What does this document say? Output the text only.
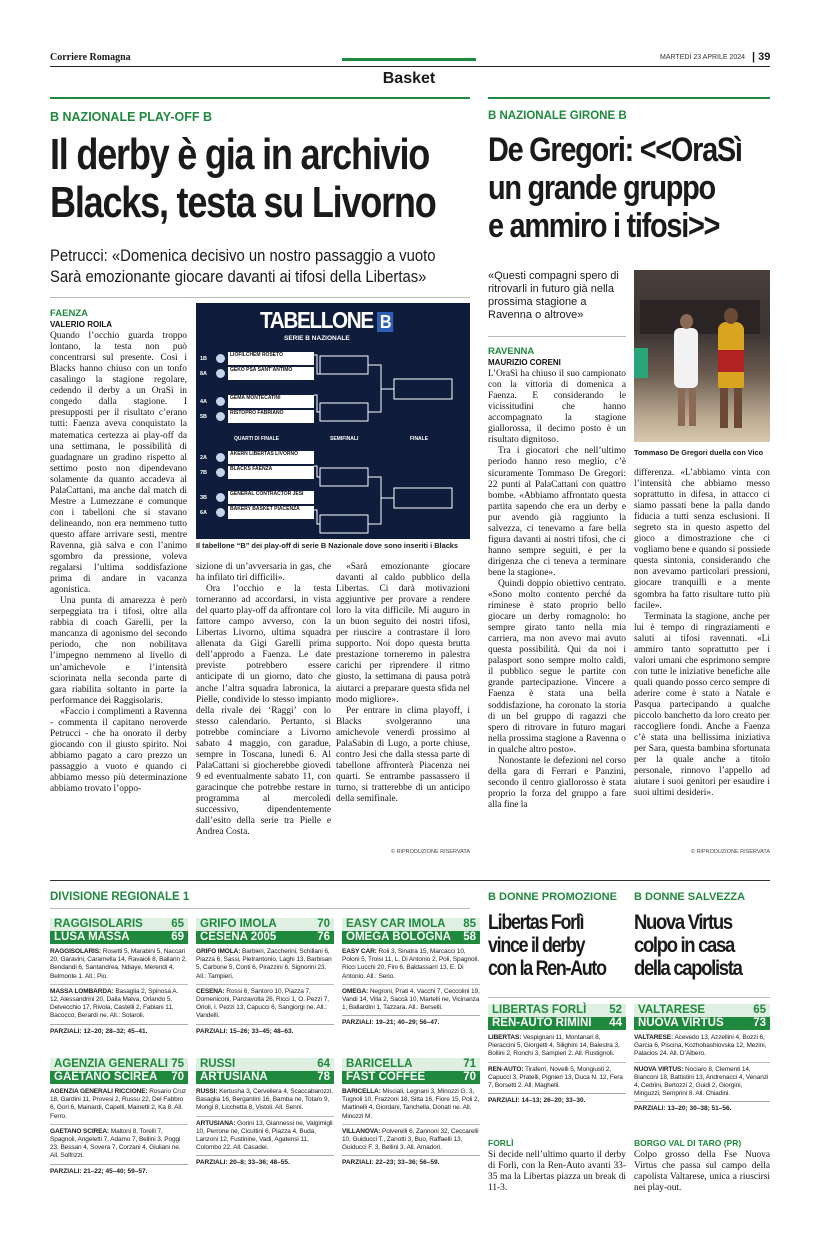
Corriere Romagna	MARTEDÌ 23 APRILE 2024 | 39
Basket
B NAZIONALE PLAY-OFF B
Il derby è gia in archivio
Blacks, testa su Livorno
Petrucci: «Domenica decisivo un nostro passaggio a vuoto
Sarà emozionante giocare davanti ai tifosi della Libertas»
FAENZA
VALERIO ROILA

Quando l’occhio guarda troppo lontano, la testa non può concentrarsi sul presente. Così i Blacks hanno chiuso con un tonfo casalingo la stagione regolare, cedendo il derby a un OraSì in congedo dalla stagione. I presupposti per il risultato c’erano tutti: Faenza aveva conquistato la matematica certezza ai play-off da una settimana, le possibilità di guadagnare un gradino rispetto al settimo posto non dipendevano solamente da quanto accadeva al PalaCattani, ma anche dal match di Mestre a Lumezzane e comunque con i tabelloni che si stavano delineando, non era nemmeno tutto questo affare arrivare sesti, mentre Ravenna, già salva e con l’animo sgombro da pressione, voleva regalarsi l’ultima soddisfazione prima di andare in vacanza agonistica.

Una punta di amarezza è però serpeggiata tra i tifosi, oltre alla rabbia di coach Garelli, per la mancanza di agonismo del secondo periodo, che non nobilitava l’impegno nemmeno al livello di un’amichevole e l’intensità sciorinata nella seconda parte di gara riabilita soltanto in parte la performance dei Raggisolaris.

«Faccio i complimenti a Ravenna - commenta il capitano neroverde Petrucci - che ha onorato il derby giocando con il giusto spirito. Noi abbiamo pagato a caro prezzo un passaggio a vuoto e quando ci abbiamo messo più determinazione abbiamo trovato l’oppo-

TABELLONE B
SERIE B NAZIONALE
QUARTI DI FINALE	SEMIFINALI	FINALE
1B
LIOFILCHEM ROSETO
8A
GEKO PSA SANT’ANTIMO
4A
GEMA MONTECATINI
5B
RISTOPRO FABRIANO
2A
AKERN LIBERTAS LIVORNO
7B
BLACKS FAENZA
3B
GENERAL CONTRACTOR JESI
6A
BAKERY BASKET PIACENZA
Il tabellone “B” dei play-off di serie B Nazionale dove sono inseriti i Blacks

sizione di un’avversaria in gas, che ha infilato tiri difficili».

Ora l’occhio e la testa torneranno ad accordarsi, in vista del quarto play-off da affrontare col fattore campo avverso, con la Libertas Livorno, ultima squadra allenata da Gigi Garelli prima dell’approdo a Faenza. Le date previste potrebbero essere anticipate di un giorno, dato che anche l’altra squadra labronica, la Pielle, condivide lo stesso impianto della rivale dei ‘Raggi’ con lo stesso calendario. Pertanto, si potrebbe cominciare a Livorno sabato 4 maggio, con garadue, sempre in Toscana, lunedì 6. Al PalaCattani si giocherebbe giovedì 9 ed eventualmente sabato 11, con garacinque che potrebbe restare in programma al mercoledì successivo, dipendentemente dall’esito della serie tra Pielle e Andrea Costa.

«Sarà emozionante giocare davanti al caldo pubblico della Libertas. Ci darà motivazioni aggiuntive per provare a rendere loro la vita difficile. Mi auguro in un buon seguito dei nostri tifosi, per riuscire a contrastare il loro supporto. Noi dopo questa brutta prestazione torneremo in palestra carichi per riprendere il ritmo giusto, la settimana di pausa potrà aiutarci a preparare questa sfida nel modo migliore».

Per entrare in clima playoff, i Blacks svolgeranno una amichevole venerdì prossimo al PalaSabin di Lugo, a porte chiuse, contro Jesi che dalla stessa parte di tabellone affronterà Piacenza nei quarti. Se entrambe passassero il turno, si tratterebbe di un anticipo della semifinale.

© RIPRODUZIONE RISERVATA
B NAZIONALE GIRONE B
De Gregori: <<OraSì
un grande gruppo
e ammiro i tifosi>>
«Questi compagni spero di ritrovarli in futuro già nella prossima stagione a Ravenna o altrove»
Tommaso De Gregori duella con Vico
RAVENNA
MAURIZIO CORENI

L’OraSì ha chiuso il suo campionato con la vittoria di domenica a Faenza. E considerando le vicissitudini che hanno accompagnato la stagione giallorossa, il decimo posto è un risultato dignitoso.

Tra i giocatori che nell’ultimo periodo hanno reso meglio, c’è sicuramente Tommaso De Gregori: 22 punti al PalaCattani con quattro bombe. «Abbiamo affrontato questa partita sapendo che era un derby e pur avendo già raggiunto la salvezza, ci tenevamo a fare bella figura davanti ai nostri tifosi, che ci hanno sempre seguiti, e per la dirigenza che ci teneva a terminare bene la stagione».

Quindi doppio obiettivo centrato. «Sono molto contento perché da riminese è stato proprio bello giocare un derby romagnolo: ho sempre girato tanto nella mia carriera, ma non avevo mai avuto questa possibilità. Qui da noi i palasport sono sempre molto caldi, il pubblico segue le partite con grande partecipazione. Vincere a Faenza è stata una bella soddisfazione, ha coronato la storia di un bel gruppo di ragazzi che spero di ritrovare in futuro magari nella prossima stagione a Ravenna o in qualche altro posto».

Nonostante le defezioni nel corso della gara di Ferrari e Panzini, secondo il centro giallorosso è stata proprio la forza del gruppo a fare alla fine la

differenza. «L’abbiamo vinta con l’intensità che abbiamo messo soprattutto in difesa, in attacco ci siamo passati bene la palla dando fiducia a tutti senza esclusioni. Il segreto sta in questo aspetto del gioco a dimostrazione che ci vogliamo bene e quando si possiede questa sintonia, considerando che non avevamo particolari pressioni, giocare tranquilli e a mente sgombra ha fatto risultare tutto più facile».

Terminata la stagione, anche per lui è tempo di ringraziamenti e saluti ai tifosi ravennati. «Li ammiro tanto soprattutto per i valori umani che esprimono sempre con tutte le iniziative benefiche alle quali quando posso cerco sempre di aderire come è stato a Natale e Pasqua partecipando a qualche piccolo banchetto da loro creato per raccogliere fondi. Anche a Faenza c’è stata una bellissima iniziativa per Sara, questa bambina sfortunata per la quale anche a titolo personale, rinnovo l’appello ad aiutare i suoi genitori per esaudire i suoi ultimi desideri».

© RIPRODUZIONE RISERVATA
DIVISIONE REGIONALE 1	B DONNE PROMOZIONE
Libertas Forlì
vince il derby
con la Ren-Auto
B DONNE SALVEZZA
Nuova Virtus
colpo in casa
della capolista
FORLÌ
Si decide nell’ultimo quarto il derby di Forlì, con la Ren-Auto avanti 33-35 ma la Libertas piazza un break di 11-3.
BORGO VAL DI TARO (PR)
Colpo grosso della Fse Nuova Virtus che passa sul campo della capolista Valtarese, unica a riuscirsi nei play-out.
RAGGISOLARIS 65
LUSA MASSA	69
RAGGISOLARIS: Rosetti 5, Marabini 5, Naccari 20, Garavini, Caramella 14, Ravaioli 8, Ballarin 2, Bendandi 6, Santandrea, Ndiaye, Merendi 4, Belmonte 1. All.: Pio.
MASSA LOMBARDA: Basaglia 2, Spinosa A. 12, Alessandrini 20, Dalla Malva, Orlando 5, Delvecchio 17, Rivola, Castelli 2, Fabiani 11, Bacocco, Berardi ne. All.: Solaroli.
PARZIALI: 12–20; 28–32; 45–41.
GRIFO IMOLA	70
CESENA 2005	76
GRIFO IMOLA: Barbieri, Zaccherini, Schillani 6, Piazza 6, Sassi, Pietrantonio, Laghi 13, Barbisan 5, Carbone 5, Conti 6, Pirazzini 6, Signorini 23. All.: Tampieri.
CESENA: Rossi 6, Santoro 10, Piazza 7, Domeniconi, Panzavolta 26, Ricci 1, O. Pezzi 7, Orioli, I. Pezzi 13, Capucci 6, Sangiorgi ne. All.: Vandelli.
PARZIALI: 15–26; 33–45; 48–63.
EASY CAR IMOLA 85
OMEGA BOLOGNA 58
EASY CAR: Roli 3, Sinatra 15, Marcacci 10, Poloni 5, Troisi 11, L. Di Antonio 2, Poli, Spagnoli, Ricci Lucchi 20, Fini 6, Baldassarri 13, E. Di Antonio. All.: Serio.
OMEGA: Negroni, Prati 4, Vacchi 7, Ceccolini 19, Vandi 14, Villa 2, Saccà 10, Martelli ne, Vicinanza 1, Ballardini 1, Tazzara. All.: Berselli.
PARZIALI: 19–21; 40–29; 56–47.
AGENZIA GENERALI 75
GAETANO SCIREA 70
AGENZIA GENERALI RICCIONE: Rosario Cruz 18, Gardini 11, Provesi 2, Russu 22, Del Fabbro 6, Gori 6, Mainardi, Capelli, Mainetti 2, Ka 8. All. Ferro.
GAETANO SCIREA: Maltoni 8, Torelli 7, Spagnoli, Angeletti 7, Adamo 7, Bellini 3, Poggi 23, Bessan 4, Sovera 7, Corzani 4, Giuliani ne. All. Solfrizzi.
PARZIALI: 21–22; 45–40; 59–57.
RUSSI	64
ARTUSIANA	78
RUSSI: Kertusha 3, Cervellera 4, Scaccabarozzi, Basaglia 16, Bergantini 16, Bamba ne, Totaro 9, Morigi 8, Licchetta 8, Vistoli. All. Senni.
ARTUSIANA: Gorini 13, Giannessi ne, Valgimigli 10, Perrone ne, Cicuttini 6, Piazza 4, Buda, Lanzoni 12, Fustinine, Vadi, Agatensi 11, Colombo 22. All. Casadei.
PARZIALI: 20–8; 33–36; 48–55.
BARICELLA	71
FAST COFFEE	70
BARICELLA: Misciali, Legnani 3, Minozzi G. 3, Tugnoli 10, Frazzoni 18, Sitta 16, Fiore 15, Poli 2, Martinelli 4, Giordani, Tanchella, Donati ne. All. Minozzi M.
VILLANOVA: Polverelli 6, Zannoni 32, Ceccarelli 10, Guiducci T., Zanotti 3, Buo, Raffaelli 13, Guiducci F. 3, Bellini 3. All. Amadori.
PARZIALI: 22–23; 33–36; 56–59.
LIBERTAS FORLÌ 52
REN-AUTO RIMINI 44
LIBERTAS: Vespignani 11, Montanari 8, Pieraccini 5, Giorgetti 4, Silighini 14, Balestra 3, Bollini 2, Ronchi 3, Sampieri 2. All. Rustignoli.
REN-AUTO: Tiraferri, Novelli 5, Mongiusti 2, Capucci 3, Pratelli, Pignieri 13, Duca N. 12, Fera 7, Borsetti 2. All. Maghelli.
PARZIALI: 14–13; 26–20; 33–30.
VALTARESE	65
NUOVA VIRTUS	73
VALTARESE: Acevedo 13, Azzellini 4, Bozzi 6, Garcia 6, Piscina, Kozhobashiovska 12, Mezini, Palacios 24. All. D’Albero.
NUOVA VIRTUS: Nociaro 8, Clementi 14, Bianconi 18, Battistini 13, Andrenacci 4, Venanzi 4, Cedrini, Bertozzi 2, Guidi 2, Giorgini, Minguzzi, Semprini 8. All. Chiadini.
PARZIALI: 13–20; 30–38; 51–56.
